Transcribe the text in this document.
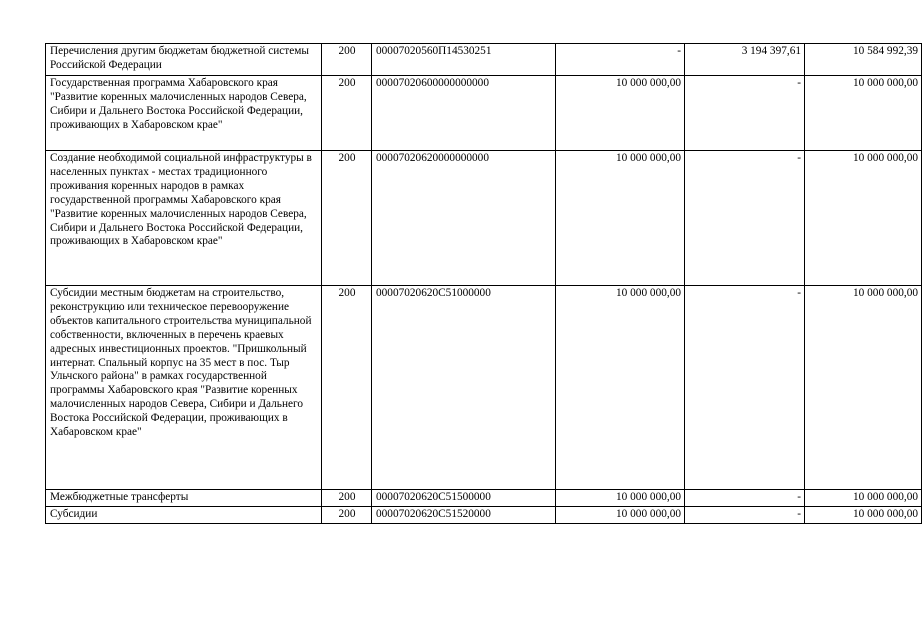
Перечисления другим бюджетам бюджетной системы Российской Федерации	200	00007020560П14530251	-	3 194 397,61	10 584 992,39
Государственная программа Хабаровского края "Развитие коренных малочисленных народов Севера, Сибири и Дальнего Востока Российской Федерации, проживающих в Хабаровском крае"	200	00007020600000000000	10 000 000,00	-	10 000 000,00
Создание необходимой социальной инфраструктуры в населенных пунктах - местах традиционного проживания коренных народов в рамках государственной программы Хабаровского края "Развитие коренных малочисленных народов Севера, Сибири и Дальнего Востока Российской Федерации, проживающих в Хабаровском крае"	200	00007020620000000000	10 000 000,00	-	10 000 000,00
Субсидии местным бюджетам на строительство, реконструкцию или техническое перевооружение объектов капитального строительства муниципальной собственности, включенных в перечень краевых адресных инвестиционных проектов. "Пришкольный интернат. Спальный корпус на 35 мест в пос. Тыр Ульчского района" в рамках государственной программы Хабаровского края "Развитие коренных малочисленных народов Севера, Сибири и Дальнего Востока Российской Федерации, проживающих в Хабаровском крае"	200	00007020620С51000000	10 000 000,00	-	10 000 000,00
Межбюджетные трансферты	200	00007020620С51500000	10 000 000,00	-	10 000 000,00
Субсидии	200	00007020620С51520000	10 000 000,00	-	10 000 000,00
